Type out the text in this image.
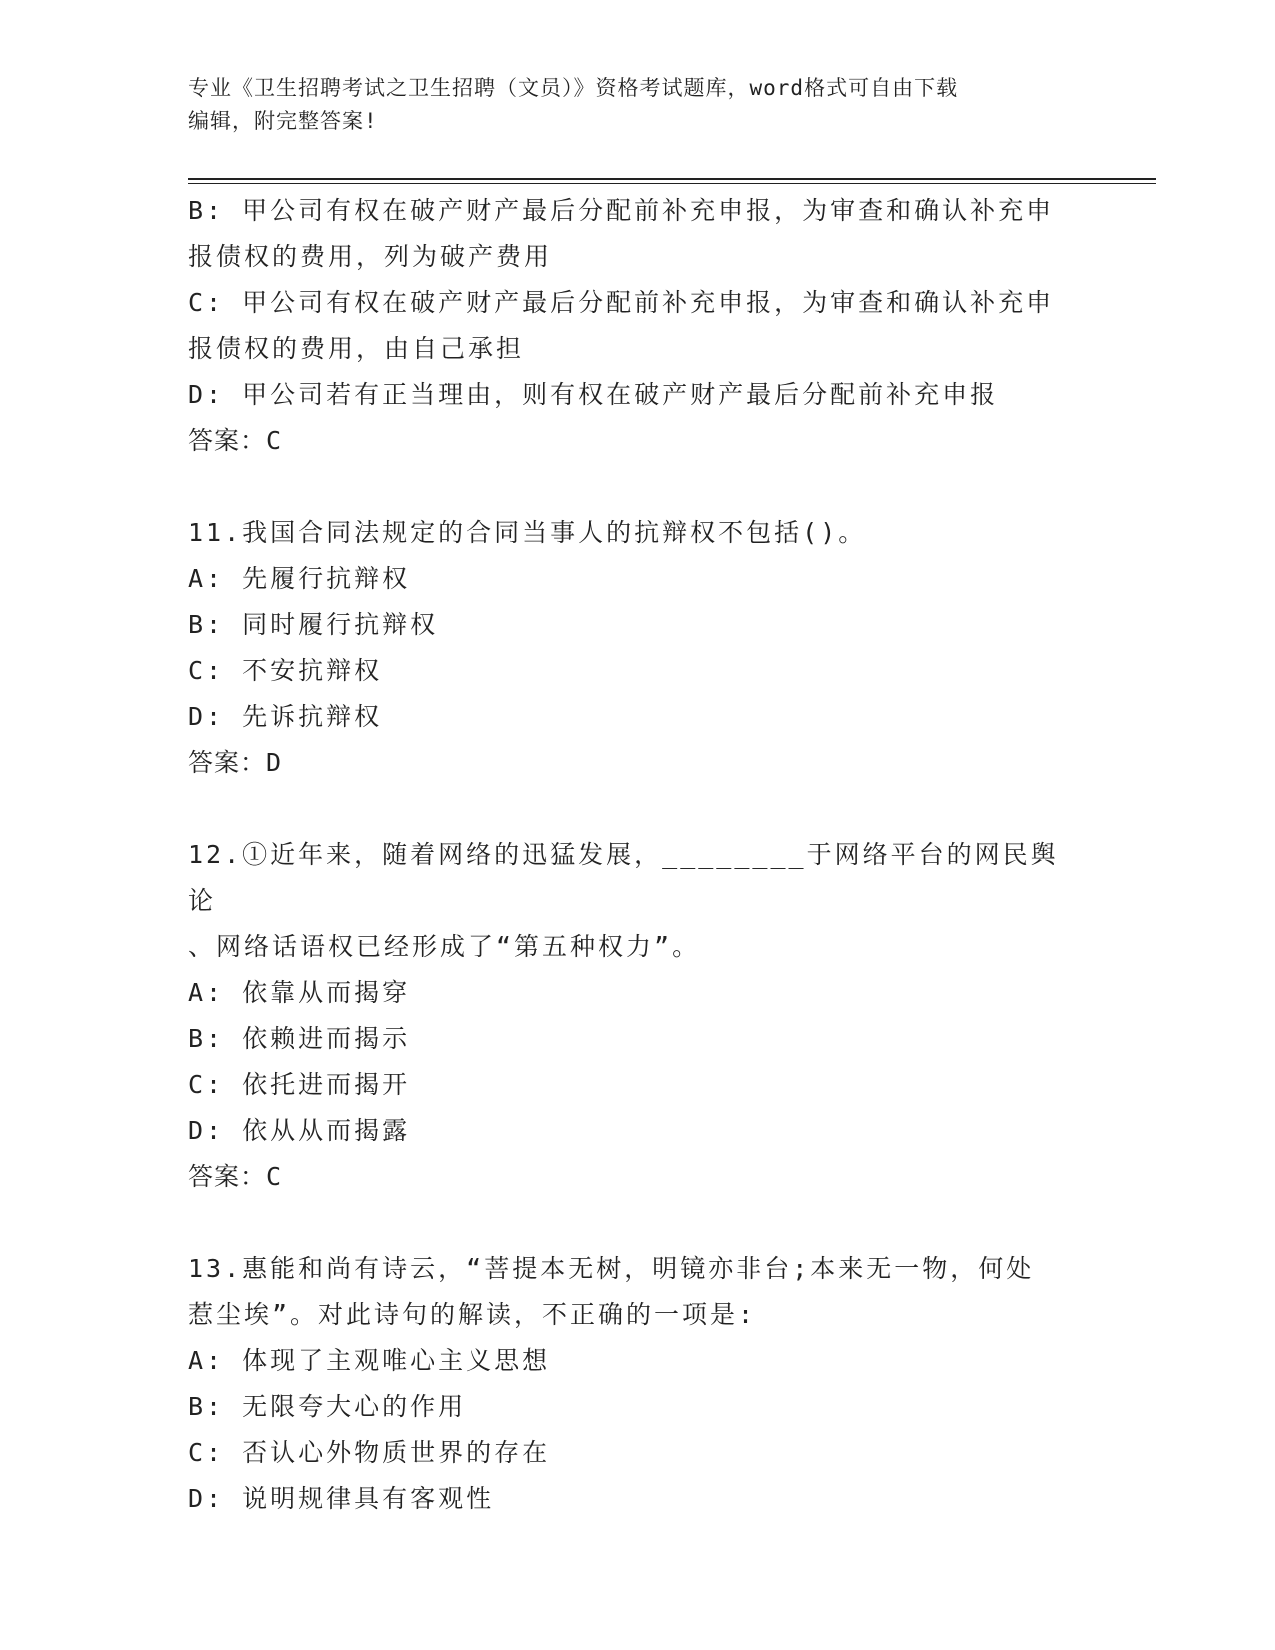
专业《卫生招聘考试之卫生招聘（文员）》资格考试题库，word格式可自由下载
编辑，附完整答案!
B: 甲公司有权在破产财产最后分配前补充申报，为审查和确认补充申
报债权的费用，列为破产费用
C: 甲公司有权在破产财产最后分配前补充申报，为审查和确认补充申
报债权的费用，由自己承担
D: 甲公司若有正当理由，则有权在破产财产最后分配前补充申报
答案：C
11.我国合同法规定的合同当事人的抗辩权不包括()。
A: 先履行抗辩权
B: 同时履行抗辩权
C: 不安抗辩权
D: 先诉抗辩权
答案：D
12.①近年来，随着网络的迅猛发展，________于网络平台的网民舆论
、网络话语权已经形成了“第五种权力”。
A: 依靠从而揭穿
B: 依赖进而揭示
C: 依托进而揭开
D: 依从从而揭露
答案：C
13.惠能和尚有诗云，“菩提本无树，明镜亦非台;本来无一物，何处
惹尘埃”。对此诗句的解读，不正确的一项是:
A: 体现了主观唯心主义思想
B: 无限夸大心的作用
C: 否认心外物质世界的存在
D: 说明规律具有客观性
